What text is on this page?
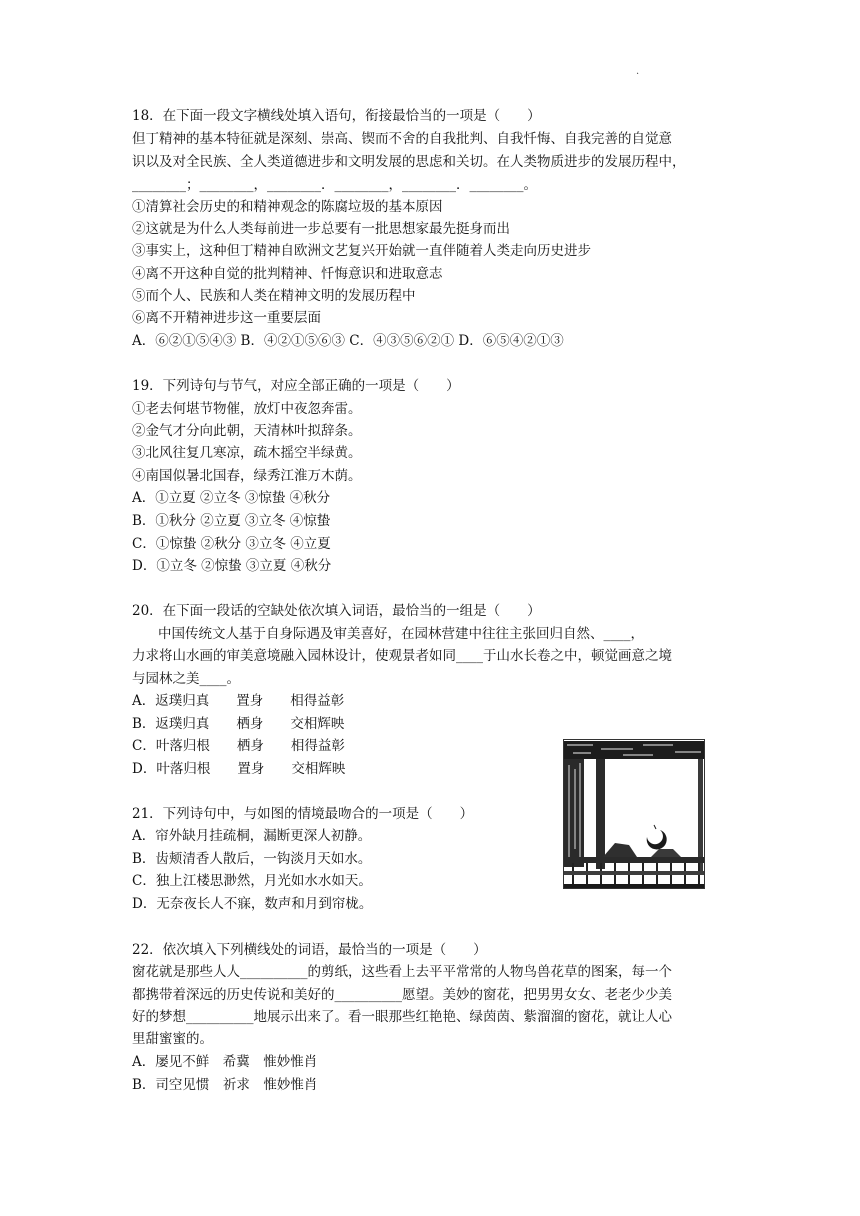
·
18．在下面一段文字横线处填入语句，衔接最恰当的一项是（　　）
但丁精神的基本特征就是深刻、崇高、锲而不舍的自我批判、自我忏悔、自我完善的自觉意
识以及对全民族、全人类道德进步和文明发展的思虑和关切。在人类物质进步的发展历程中，
________；________，________．________，________．________。
①清算社会历史的和精神观念的陈腐垃圾的基本原因
②这就是为什么人类每前进一步总要有一批思想家最先挺身而出
③事实上，这种但丁精神自欧洲文艺复兴开始就一直伴随着人类走向历史进步
④离不开这种自觉的批判精神、忏悔意识和进取意志
⑤而个人、民族和人类在精神文明的发展历程中
⑥离不开精神进步这一重要层面
A．⑥②①⑤④③ B．④②①⑤⑥③ C．④③⑤⑥②① D．⑥⑤④②①③
19．下列诗句与节气，对应全部正确的一项是（　　）
①老去何堪节物催，放灯中夜忽奔雷。
②金气才分向此朝，天清林叶拟辞条。
③北风往复几寒凉，疏木摇空半绿黄。
④南国似暑北国春，绿秀江淮万木荫。
A．①立夏 ②立冬 ③惊蛰 ④秋分
B．①秋分 ②立夏 ③立冬 ④惊蛰
C．①惊蛰 ②秋分 ③立冬 ④立夏
D．①立冬 ②惊蛰 ③立夏 ④秋分
20．在下面一段话的空缺处依次填入词语，最恰当的一组是（　　）
中国传统文人基于自身际遇及审美喜好，在园林营建中往往主张回归自然、____，
力求将山水画的审美意境融入园林设计，使观景者如同____于山水长卷之中，顿觉画意之境
与园林之美____。
A．返璞归真　　置身　　相得益彰
B．返璞归真　　栖身　　交相辉映
C．叶落归根　　栖身　　相得益彰
D．叶落归根　　置身　　交相辉映
21．下列诗句中，与如图的情境最吻合的一项是（　　）
A．帘外缺月挂疏桐，漏断更深人初静。
B．齿颊清香人散后，一钩淡月天如水。
C．独上江楼思渺然，月光如水水如天。
D．无奈夜长人不寐，数声和月到帘栊。
22．依次填入下列横线处的词语，最恰当的一项是（　　）
窗花就是那些人人__________的剪纸，这些看上去平平常常的人物鸟兽花草的图案，每一个
都携带着深远的历史传说和美好的__________愿望。美妙的窗花，把男男女女、老老少少美
好的梦想__________地展示出来了。看一眼那些红艳艳、绿茵茵、紫溜溜的窗花，就让人心
里甜蜜蜜的。
A．屡见不鲜　希冀　惟妙惟肖
B．司空见惯　祈求　惟妙惟肖
